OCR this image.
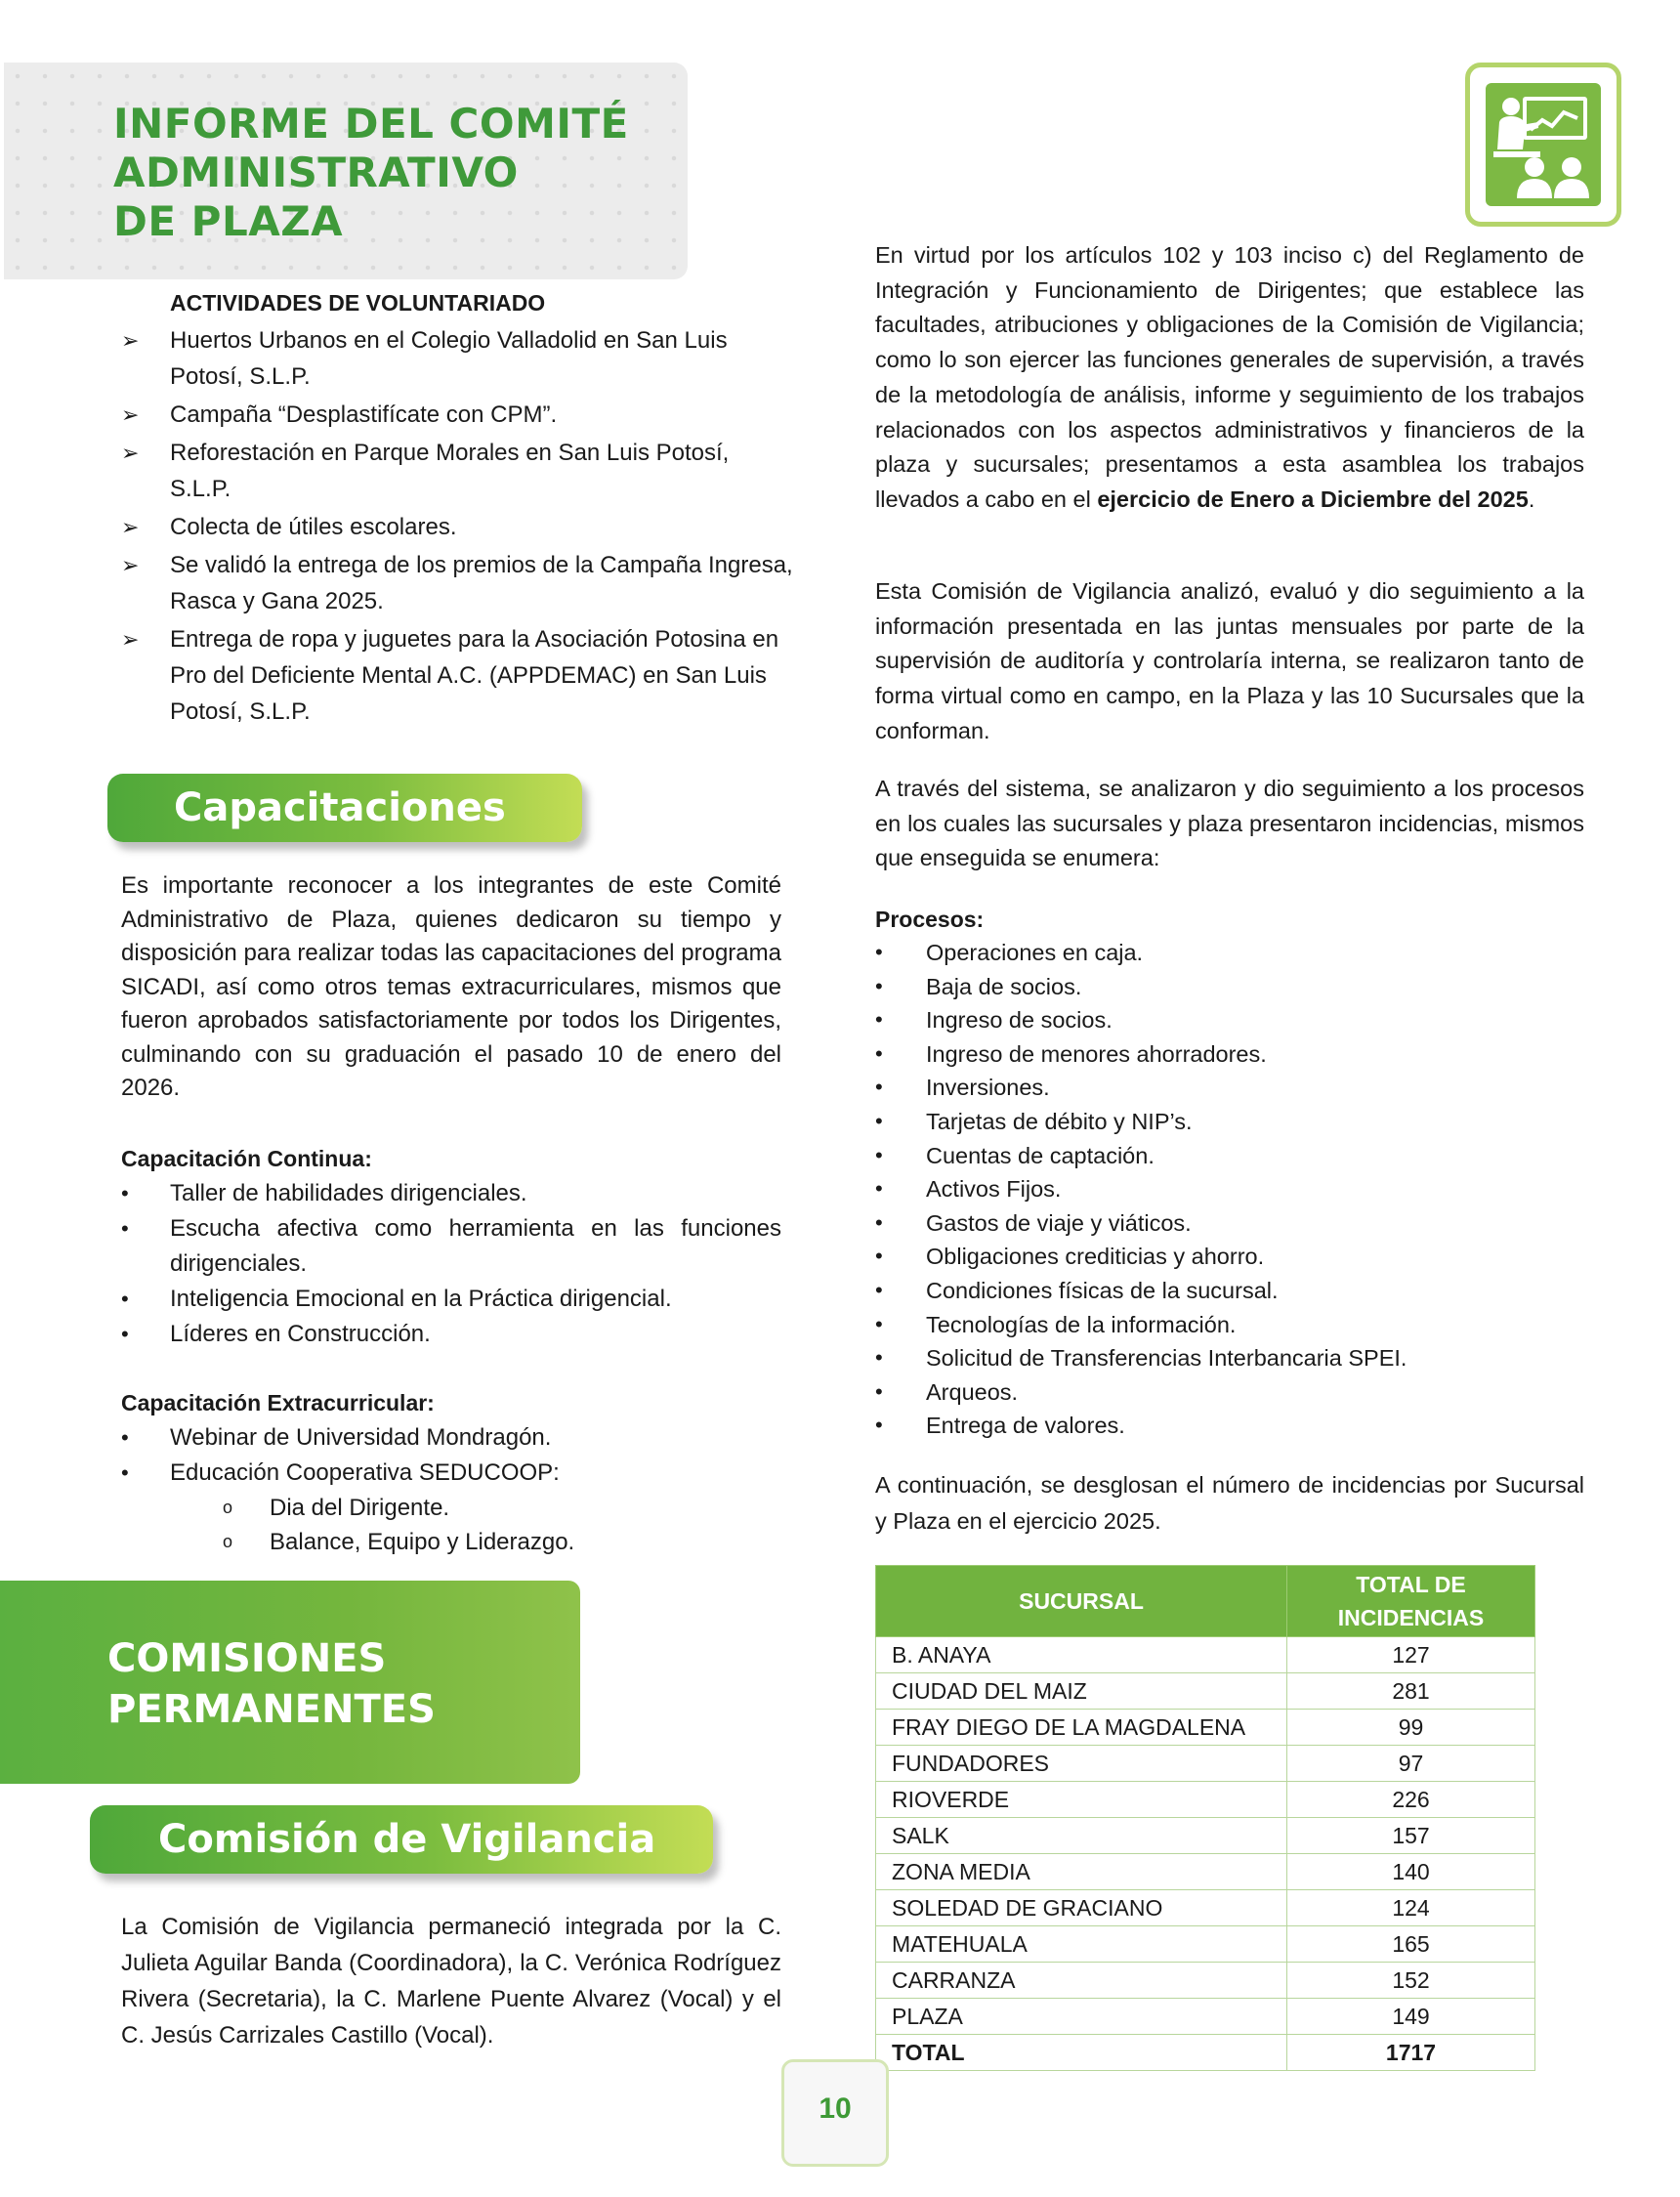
INFORME DEL COMITÉ
ADMINISTRATIVO
DE PLAZA
ACTIVIDADES DE VOLUNTARIADO
➢ Huertos Urbanos en el Colegio Valladolid en San Luis Potosí, S.L.P.
➢ Campaña “Desplastifícate con CPM”.
➢ Reforestación en Parque Morales en San Luis Potosí, S.L.P.
➢ Colecta de útiles escolares.
➢ Se validó la entrega de los premios de la Campaña Ingresa, Rasca y Gana 2025.
➢ Entrega de ropa y juguetes para la Asociación Potosina en Pro del Deficiente Mental A.C. (APPDEMAC) en San Luis Potosí, S.L.P.
Capacitaciones

Es importante reconocer a los integrantes de este Comité Administrativo de Plaza, quienes dedicaron su tiempo y disposición para realizar todas las capacitaciones del programa SICADI, así como otros temas extracurriculares, mismos que fueron aprobados satisfactoriamente por todos los Dirigentes, culminando con su graduación el pasado 10 de enero del 2026.

Capacitación Continua:
• Taller de habilidades dirigenciales.
• Escucha afectiva como herramienta en las funciones dirigenciales.
• Inteligencia Emocional en la Práctica dirigencial.
• Líderes en Construcción.
Capacitación Extracurricular:
• Webinar de Universidad Mondragón.
• Educación Cooperativa SEDUCOOP:
o Dia del Dirigente.
o Balance, Equipo y Liderazgo.
COMISIONES
PERMANENTES
Comisión de Vigilancia

La Comisión de Vigilancia permaneció integrada por la C. Julieta Aguilar Banda (Coordinadora), la C. Verónica Rodríguez Rivera (Secretaria), la C. Marlene Puente Alvarez (Vocal) y el C. Jesús Carrizales Castillo (Vocal).

En virtud por los artículos 102 y 103 inciso c) del Reglamento de Integración y Funcionamiento de Dirigentes; que establece las facultades, atribuciones y obligaciones de la Comisión de Vigilancia; como lo son ejercer las funciones generales de supervisión, a través de la metodología de análisis, informe y seguimiento de los trabajos relacionados con los aspectos administrativos y financieros de la plaza y sucursales; presentamos a esta asamblea los trabajos llevados a cabo en el ejercicio de Enero a Diciembre del 2025.

Esta Comisión de Vigilancia analizó, evaluó y dio seguimiento a la información presentada en las juntas mensuales por parte de la supervisión de auditoría y controlaría interna, se realizaron tanto de forma virtual como en campo, en la Plaza y las 10 Sucursales que la conforman.

A través del sistema, se analizaron y dio seguimiento a los procesos en los cuales las sucursales y plaza presentaron incidencias, mismos que enseguida se enumera:

Procesos:
• Operaciones en caja.
• Baja de socios.
• Ingreso de socios.
• Ingreso de menores ahorradores.
• Inversiones.
• Tarjetas de débito y NIP’s.
• Cuentas de captación.
• Activos Fijos.
• Gastos de viaje y viáticos.
• Obligaciones crediticias y ahorro.
• Condiciones físicas de la sucursal.
• Tecnologías de la información.
• Solicitud de Transferencias Interbancaria SPEI.
• Arqueos.
• Entrega de valores.

A continuación, se desglosan el número de incidencias por Sucursal y Plaza en el ejercicio 2025.

SUCURSAL	TOTAL DE INCIDENCIAS
B. ANAYA	127
CIUDAD DEL MAIZ	281
FRAY DIEGO DE LA MAGDALENA	99
FUNDADORES	97
RIOVERDE	226
SALK	157
ZONA MEDIA	140
SOLEDAD DE GRACIANO	124
MATEHUALA	165
CARRANZA	152
PLAZA	149
TOTAL	1717
10
